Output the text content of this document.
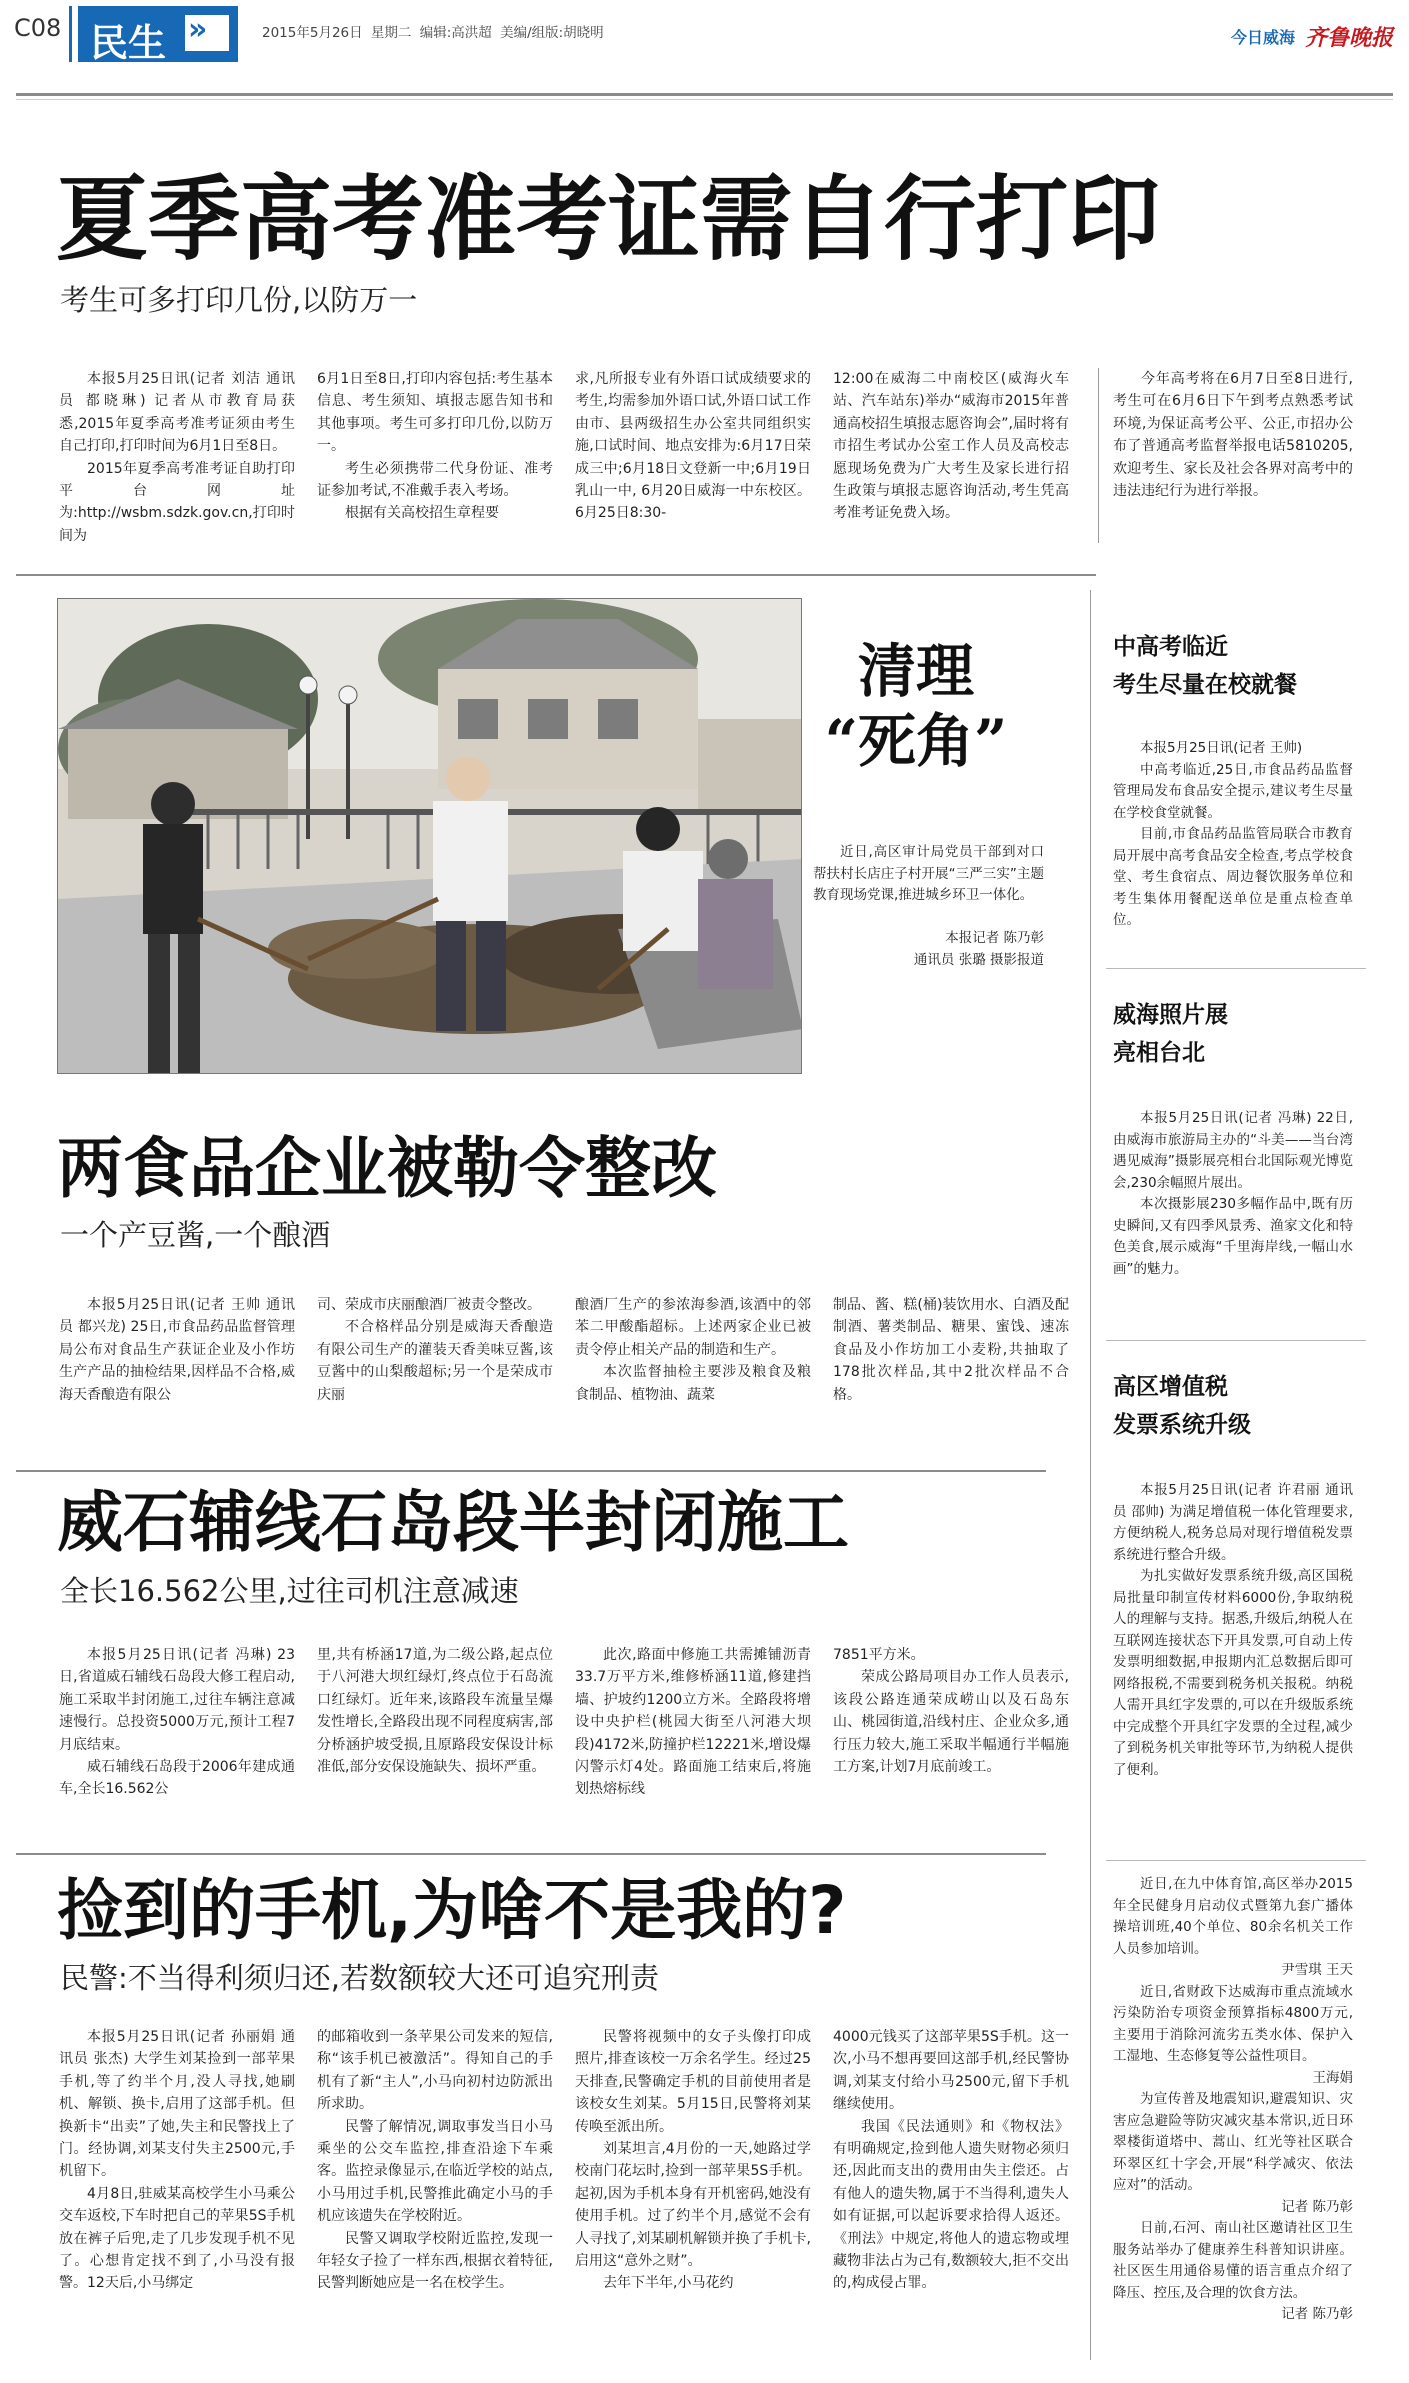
C08 民生 »	2015年5月26日 星期二 编辑:高洪超 美编/组版:胡晓明	今日威海 齐鲁晚报
夏季高考准考证需自行打印
考生可多打印几份,以防万一

本报5月25日讯(记者 刘洁 通讯员 都晓琳) 记者从市教育局获悉,2015年夏季高考准考证须由考生自己打印,打印时间为6月1日至8日。

2015年夏季高考准考证自助打印平台网址为:http://wsbm.sdzk.gov.cn,打印时间为

6月1日至8日,打印内容包括:考生基本信息、考生须知、填报志愿告知书和其他事项。考生可多打印几份,以防万一。

考生必须携带二代身份证、准考证参加考试,不准戴手表入考场。

根据有关高校招生章程要

求,凡所报专业有外语口试成绩要求的考生,均需参加外语口试,外语口试工作由市、县两级招生办公室共同组织实施,口试时间、地点安排为:6月17日荣成三中;6月18日文登新一中;6月19日乳山一中, 6月20日威海一中东校区。6月25日8:30-

12:00在威海二中南校区(威海火车站、汽车站东)举办“威海市2015年普通高校招生填报志愿咨询会”,届时将有市招生考试办公室工作人员及高校志愿现场免费为广大考生及家长进行招生政策与填报志愿咨询活动,考生凭高考准考证免费入场。

今年高考将在6月7日至8日进行,考生可在6月6日下午到考点熟悉考试环境,为保证高考公平、公正,市招办公布了普通高考监督举报电话5810205,欢迎考生、家长及社会各界对高考中的违法违纪行为进行举报。

清理
“死角”

近日,高区审计局党员干部到对口帮扶村长店庄子村开展“三严三实”主题教育现场党课,推进城乡环卫一体化。

本报记者 陈乃彰
通讯员 张璐 摄影报道
两食品企业被勒令整改
一个产豆酱,一个酿酒

本报5月25日讯(记者 王帅 通讯员 都兴龙) 25日,市食品药品监督管理局公布对食品生产获证企业及小作坊生产产品的抽检结果,因样品不合格,威海天香酿造有限公

司、荣成市庆丽酿酒厂被责令整改。

不合格样品分别是威海天香酿造有限公司生产的灌装天香美味豆酱,该豆酱中的山梨酸超标;另一个是荣成市庆丽

酿酒厂生产的参浓海参酒,该酒中的邻苯二甲酸酯超标。上述两家企业已被责令停止相关产品的制造和生产。

本次监督抽检主要涉及粮食及粮食制品、植物油、蔬菜

制品、酱、糕(桶)装饮用水、白酒及配制酒、薯类制品、糖果、蜜饯、速冻食品及小作坊加工小麦粉,共抽取了178批次样品,其中2批次样品不合格。

威石辅线石岛段半封闭施工
全长16.562公里,过往司机注意减速

本报5月25日讯(记者 冯琳) 23日,省道威石辅线石岛段大修工程启动,施工采取半封闭施工,过往车辆注意减速慢行。总投资5000万元,预计工程7月底结束。

威石辅线石岛段于2006年建成通车,全长16.562公

里,共有桥涵17道,为二级公路,起点位于八河港大坝红绿灯,终点位于石岛流口红绿灯。近年来,该路段车流量呈爆发性增长,全路段出现不同程度病害,部分桥涵护坡受损,且原路段安保设计标准低,部分安保设施缺失、损坏严重。

此次,路面中修施工共需摊铺沥青33.7万平方米,维修桥涵11道,修建挡墙、护坡约1200立方米。全路段将增设中央护栏(桃园大街至八河港大坝段)4172米,防撞护栏12221米,增设爆闪警示灯4处。路面施工结束后,将施划热熔标线

7851平方米。

荣成公路局项目办工作人员表示,该段公路连通荣成崂山以及石岛东山、桃园街道,沿线村庄、企业众多,通行压力较大,施工采取半幅通行半幅施工方案,计划7月底前竣工。

捡到的手机,为啥不是我的?
民警:不当得利须归还,若数额较大还可追究刑责

本报5月25日讯(记者 孙丽娟 通讯员 张杰) 大学生刘某捡到一部苹果手机,等了约半个月,没人寻找,她刷机、解锁、换卡,启用了这部手机。但换新卡“出卖”了她,失主和民警找上了门。经协调,刘某支付失主2500元,手机留下。

4月8日,驻威某高校学生小马乘公交车返校,下车时把自己的苹果5S手机放在裤子后兜,走了几步发现手机不见了。心想肯定找不到了,小马没有报警。12天后,小马绑定

的邮箱收到一条苹果公司发来的短信,称“该手机已被激活”。得知自己的手机有了新“主人”,小马向初村边防派出所求助。

民警了解情况,调取事发当日小马乘坐的公交车监控,排查沿途下车乘客。监控录像显示,在临近学校的站点,小马用过手机,民警推此确定小马的手机应该遗失在学校附近。

民警又调取学校附近监控,发现一年轻女子捡了一样东西,根据衣着特征,民警判断她应是一名在校学生。

民警将视频中的女子头像打印成照片,排查该校一万余名学生。经过25天排查,民警确定手机的目前使用者是该校女生刘某。5月15日,民警将刘某传唤至派出所。

刘某坦言,4月份的一天,她路过学校南门花坛时,捡到一部苹果5S手机。起初,因为手机本身有开机密码,她没有使用手机。过了约半个月,感觉不会有人寻找了,刘某刷机解锁并换了手机卡,启用这“意外之财”。

去年下半年,小马花约

4000元钱买了这部苹果5S手机。这一次,小马不想再要回这部手机,经民警协调,刘某支付给小马2500元,留下手机继续使用。

我国《民法通则》和《物权法》有明确规定,捡到他人遗失财物必须归还,因此而支出的费用由失主偿还。占有他人的遗失物,属于不当得利,遗失人如有证据,可以起诉要求拾得人返还。《刑法》中规定,将他人的遗忘物或埋藏物非法占为己有,数额较大,拒不交出的,构成侵占罪。

中高考临近
考生尽量在校就餐

本报5月25日讯(记者 王帅)

中高考临近,25日,市食品药品监督管理局发布食品安全提示,建议考生尽量在学校食堂就餐。

目前,市食品药品监管局联合市教育局开展中高考食品安全检查,考点学校食堂、考生食宿点、周边餐饮服务单位和考生集体用餐配送单位是重点检查单位。

威海照片展
亮相台北

本报5月25日讯(记者 冯琳) 22日,由威海市旅游局主办的“斗美——当台湾遇见威海”摄影展亮相台北国际观光博览会,230余幅照片展出。

本次摄影展230多幅作品中,既有历史瞬间,又有四季风景秀、渔家文化和特色美食,展示威海“千里海岸线,一幅山水画”的魅力。

高区增值税
发票系统升级

本报5月25日讯(记者 许君丽 通讯员 邵帅) 为满足增值税一体化管理要求,方便纳税人,税务总局对现行增值税发票系统进行整合升级。

为扎实做好发票系统升级,高区国税局批量印制宣传材料6000份,争取纳税人的理解与支持。据悉,升级后,纳税人在互联网连接状态下开具发票,可自动上传发票明细数据,申报期内汇总数据后即可网络报税,不需要到税务机关报税。纳税人需开具红字发票的,可以在升级版系统中完成整个开具红字发票的全过程,减少了到税务机关审批等环节,为纳税人提供了便利。

近日,在九中体育馆,高区举办2015年全民健身月启动仪式暨第九套广播体操培训班,40个单位、80余名机关工作人员参加培训。

尹雪琪 王天

近日,省财政下达威海市重点流域水污染防治专项资金预算指标4800万元,主要用于消除河流劣五类水体、保护入工湿地、生态修复等公益性项目。

王海娟

为宣传普及地震知识,避震知识、灾害应急避险等防灾减灾基本常识,近日环翠楼街道塔中、蒿山、红光等社区联合环翠区红十字会,开展“科学减灾、依法应对”的活动。

记者 陈乃彰

日前,石河、南山社区邀请社区卫生服务站举办了健康养生科普知识讲座。社区医生用通俗易懂的语言重点介绍了降压、控压,及合理的饮食方法。

记者 陈乃彰
